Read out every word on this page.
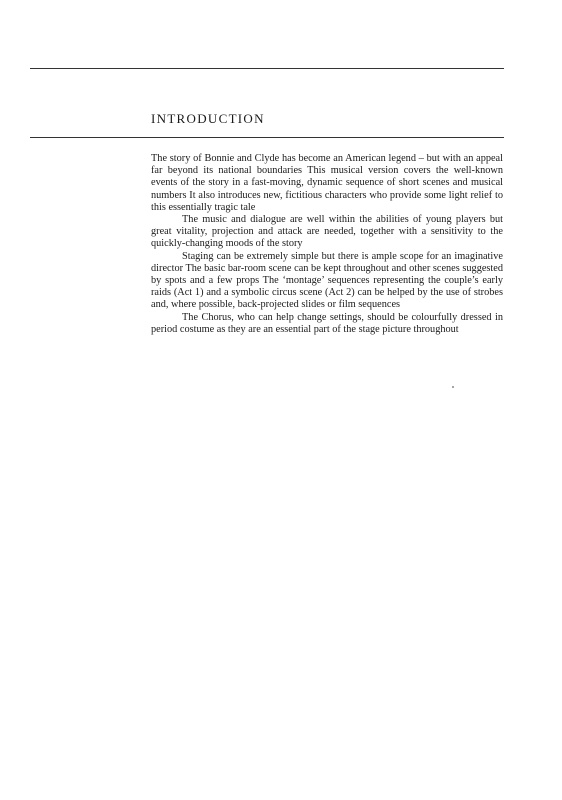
INTRODUCTION

The story of Bonnie and Clyde has become an American legend – but with an appeal far beyond its national boundaries This musical version covers the well-known events of the story in a fast-moving, dynamic sequence of short scenes and musical numbers It also introduces new, fictitious characters who provide some light relief to this essentially tragic tale

The music and dialogue are well within the abilities of young players but great vitality, projection and attack are needed, together with a sensitivity to the quickly-changing moods of the story

Staging can be extremely simple but there is ample scope for an imaginative director The basic bar-room scene can be kept throughout and other scenes suggested by spots and a few props The ‘montage’ sequences representing the couple’s early raids (Act 1) and a symbolic circus scene (Act 2) can be helped by the use of strobes and, where possible, back-projected slides or film sequences

The Chorus, who can help change settings, should be colourfully dressed in period costume as they are an essential part of the stage picture throughout
